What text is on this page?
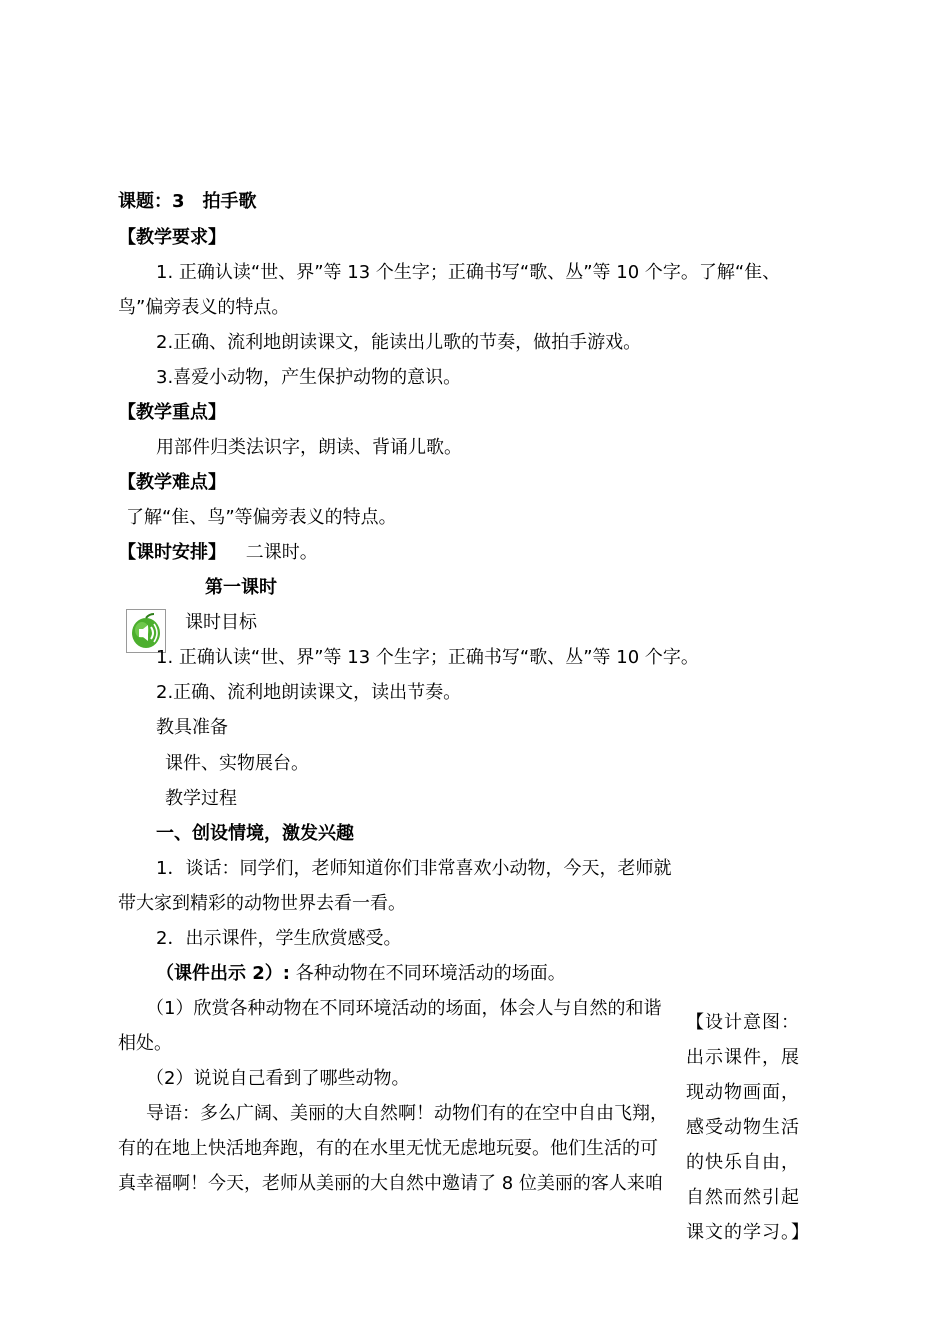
课题：3　拍手歌
【教学要求】
1. 正确认读“世、界”等 13 个生字；正确书写“歌、丛”等 10 个字。了解“隹、
鸟”偏旁表义的特点。
2.正确、流利地朗读课文，能读出儿歌的节奏，做拍手游戏。
3.喜爱小动物，产生保护动物的意识。
【教学重点】
用部件归类法识字，朗读、背诵儿歌。
【教学难点】
了解“隹、鸟”等偏旁表义的特点。
【课时安排】 二课时。
第一课时
课时目标
1. 正确认读“世、界”等 13 个生字；正确书写“歌、丛”等 10 个字。
2.正确、流利地朗读课文，读出节奏。
教具准备
课件、实物展台。
教学过程
一、创设情境，激发兴趣
1．谈话：同学们，老师知道你们非常喜欢小动物，今天，老师就
带大家到精彩的动物世界去看一看。
2．出示课件，学生欣赏感受。
（课件出示 2）: 各种动物在不同环境活动的场面。
（1）欣赏各种动物在不同环境活动的场面，体会人与自然的和谐
相处。
（2）说说自己看到了哪些动物。
导语：多么广阔、美丽的大自然啊！动物们有的在空中自由飞翔，
有的在地上快活地奔跑，有的在水里无忧无虑地玩耍。他们生活的可
真幸福啊！今天，老师从美丽的大自然中邀请了 8 位美丽的客人来咱
【设计意图：
出示课件，展
现动物画面，
感受动物生活
的快乐自由，
自然而然引起
课文的学习。】
